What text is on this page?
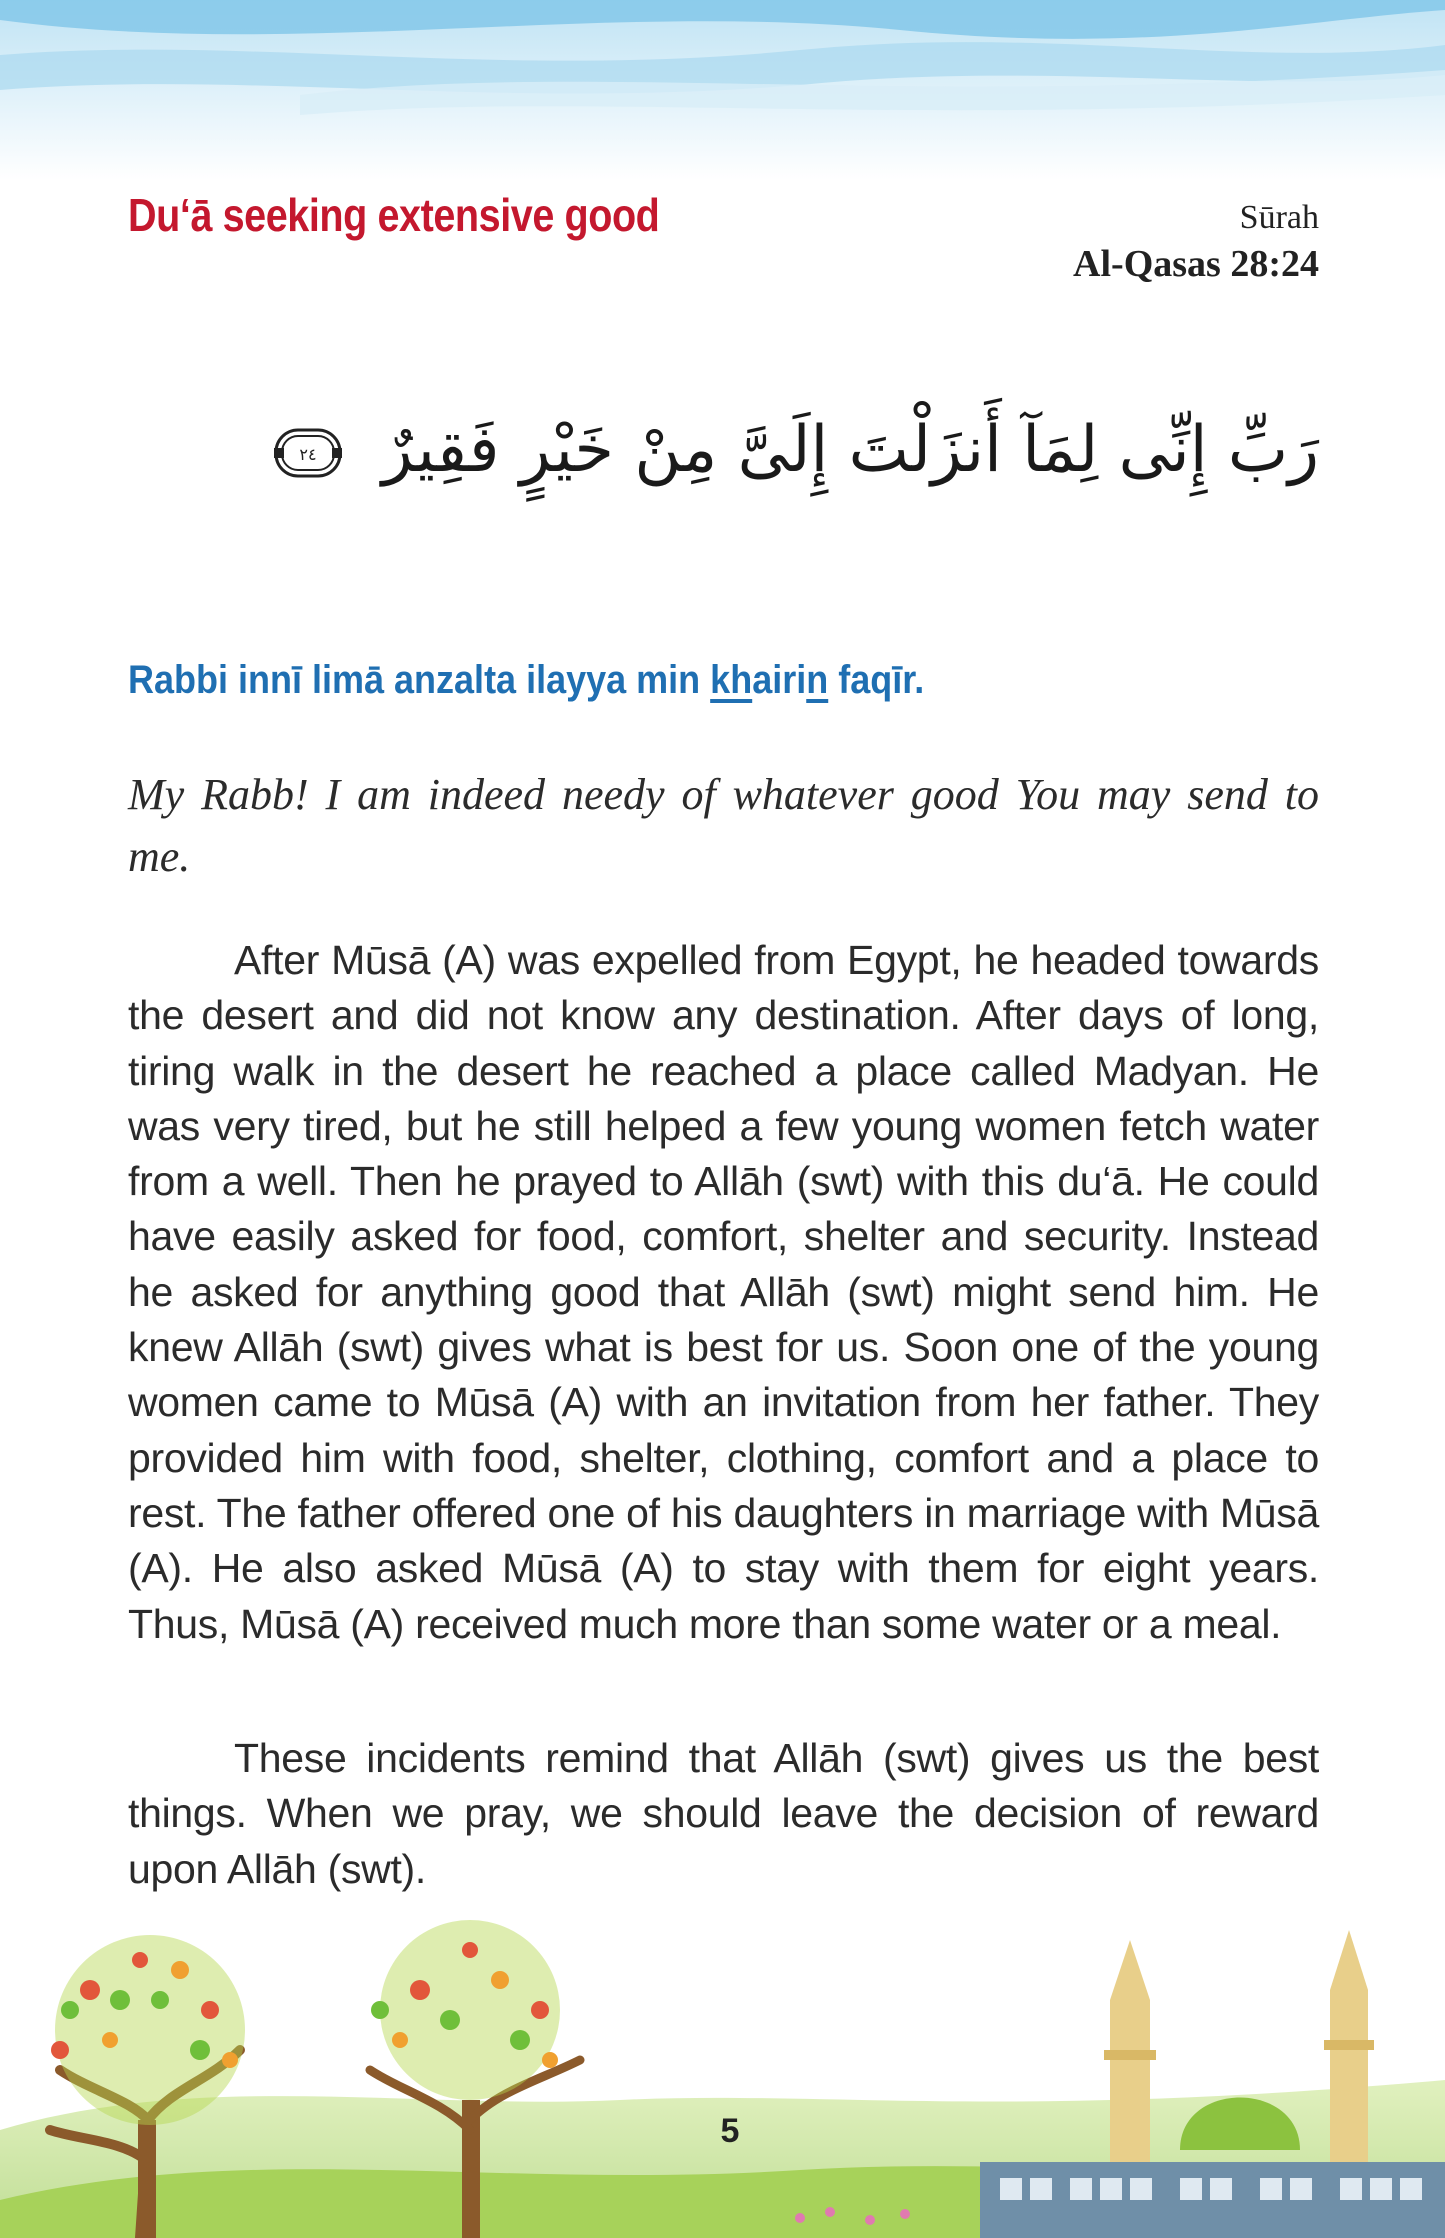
Du‘ā seeking extensive good	Sūrah
Al-Qasas 28:24
رَبِّ إِنِّى لِمَآ أَنزَلْتَ إِلَىَّ مِنْ خَيْرٍ فَقِيرٌ
٢٤
Rabbi innī limā anzalta ilayya min khairin faqīr.
My Rabb! I am indeed needy of whatever good You may send to me.
After Mūsā (A) was expelled from Egypt, he headed towards the desert and did not know any destination. After days of long, tiring walk in the desert he reached a place called Madyan. He was very tired, but he still helped a few young women fetch water from a well. Then he prayed to Allāh (swt) with this du‘ā. He could have easily asked for food, comfort, shelter and security. Instead he asked for anything good that Allāh (swt) might send him. He knew Allāh (swt) gives what is best for us. Soon one of the young women came to Mūsā (A) with an invitation from her father. They provided him with food, shelter, clothing, comfort and a place to rest. The father offered one of his daughters in marriage with Mūsā (A). He also asked Mūsā (A) to stay with them for eight years. Thus, Mūsā (A) received much more than some water or a meal.
These incidents remind that Allāh (swt) gives us the best things. When we pray, we should leave the decision of reward upon Allāh (swt).
5
